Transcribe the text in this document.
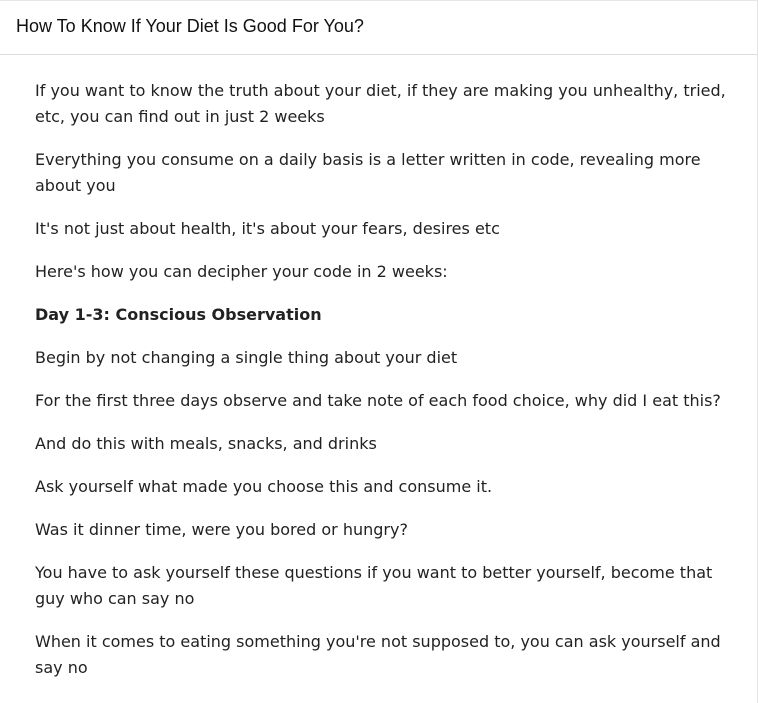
How To Know If Your Diet Is Good For You?

If you want to know the truth about your diet, if they are making you unhealthy, tried, etc, you can find out in just 2 weeks

Everything you consume on a daily basis is a letter written in code, revealing more about you

It's not just about health, it's about your fears, desires etc

Here's how you can decipher your code in 2 weeks:

Day 1-3: Conscious Observation

Begin by not changing a single thing about your diet

For the first three days observe and take note of each food choice, why did I eat this?

And do this with meals, snacks, and drinks

Ask yourself what made you choose this and consume it.

Was it dinner time, were you bored or hungry?

You have to ask yourself these questions if you want to better yourself, become that guy who can say no

When it comes to eating something you're not supposed to, you can ask yourself and say no
